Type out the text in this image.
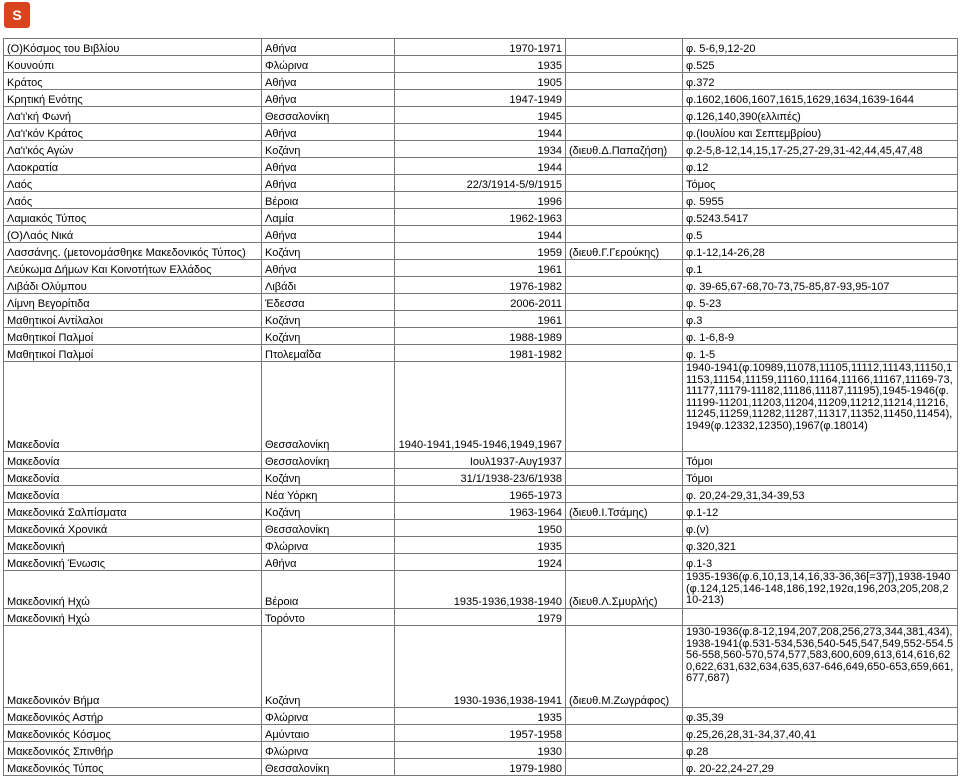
S
(Ο)Κόσμος του Βιβλίου	Αθήνα	1970-1971		φ. 5-6,9,12-20
Κουνούπι	Φλώρινα	1935		φ.525
Κράτος	Αθήνα	1905		φ.372
Κρητική Ενότης	Αθήνα	1947-1949		φ.1602,1606,1607,1615,1629,1634,1639-1644
Λα'ι'κή Φωνή	Θεσσαλονίκη	1945		φ.126,140,390(ελλιπές)
Λα'ι'κόν Κράτος	Αθήνα	1944		φ.(Ιουλίου και Σεπτεμβρίου)
Λα'ι'κός Αγών	Κοζάνη	1934	(διευθ.Δ.Παπαζήση)	φ.2-5,8-12,14,15,17-25,27-29,31-42,44,45,47,48
Λαοκρατία	Αθήνα	1944		φ.12
Λαός	Αθήνα	22/3/1914-5/9/1915		Τόμος
Λαός	Βέροια	1996		φ. 5955
Λαμιακός Τύπος	Λαμία	1962-1963		φ.5243.5417
(Ο)Λαός Νικά	Αθήνα	1944		φ.5
Λασσάνης. (μετονομάσθηκε Μακεδονικός Τύπος)	Κοζάνη	1959	(διευθ.Γ.Γερούκης)	φ.1-12,14-26,28
Λεύκωμα Δήμων Και Κοινοτήτων Ελλάδος	Αθήνα	1961		φ.1
Λιβάδι Ολύμπου	Λιβάδι	1976-1982		φ. 39-65,67-68,70-73,75-85,87-93,95-107
Λίμνη Βεγορίτιδα	Έδεσσα	2006-2011		φ. 5-23
Μαθητικοί Αντίλαλοι	Κοζάνη	1961		φ.3
Μαθητικοί Παλμοί	Κοζάνη	1988-1989		φ. 1-6,8-9
Μαθητικοί Παλμοί	Πτολεμαΐδα	1981-1982		φ. 1-5
Μακεδονία	Θεσσαλονίκη	1940-1941,1945-1946,1949,1967		1940-1941(φ.10989,11078,11105,11112,11143,11150,11153,11154,11159,11160,11164,11166,11167,11169-73,11177,11179-11182,11186,11187,11195),1945-1946(φ.11199-11201,11203,11204,11209,11212,11214,11216,11245,11259,11282,11287,11317,11352,11450,11454),1949(φ.12332,12350),1967(φ.18014)
Μακεδονία	Θεσσαλονίκη	Ιουλ1937-Αυγ1937		Τόμοι
Μακεδονία	Κοζάνη	31/1/1938-23/6/1938		Τόμοι
Μακεδονία	Νέα Υόρκη	1965-1973		φ. 20,24-29,31,34-39,53
Μακεδονικά Σαλπίσματα	Κοζάνη	1963-1964	(διευθ.Ι.Τσάμης)	φ.1-12
Μακεδονικά Χρονικά	Θεσσαλονίκη	1950		φ.(ν)
Μακεδονική	Φλώρινα	1935		φ.320,321
Μακεδονική Ένωσις	Αθήνα	1924		φ.1-3
Μακεδονική Ηχώ	Βέροια	1935-1936,1938-1940	(διευθ.Λ.Σμυρλής)	1935-1936(φ.6,10,13,14,16,33-36,36[=37]),1938-1940(φ.124,125,146-148,186,192,192α,196,203,205,208,210-213)
Μακεδονική Ηχώ	Τορόντο	1979		
Μακεδονικόν Βήμα	Κοζάνη	1930-1936,1938-1941	(διευθ.Μ.Ζωγράφος)	1930-1936(φ.8-12,194,207,208,256,273,344,381,434),1938-1941(φ.531-534,536,540-545,547,549,552-554.556-558,560-570,574,577,583,600,609,613,614,616,620,622,631,632,634,635,637-646,649,650-653,659,661,677,687)
Μακεδονικός Αστήρ	Φλώρινα	1935		φ.35,39
Μακεδονικός Κόσμος	Αμύνταιο	1957-1958		φ.25,26,28,31-34,37,40,41
Μακεδονικός Σπινθήρ	Φλώρινα	1930		φ.28
Μακεδονικός Τύπος	Θεσσαλονίκη	1979-1980		φ. 20-22,24-27,29
